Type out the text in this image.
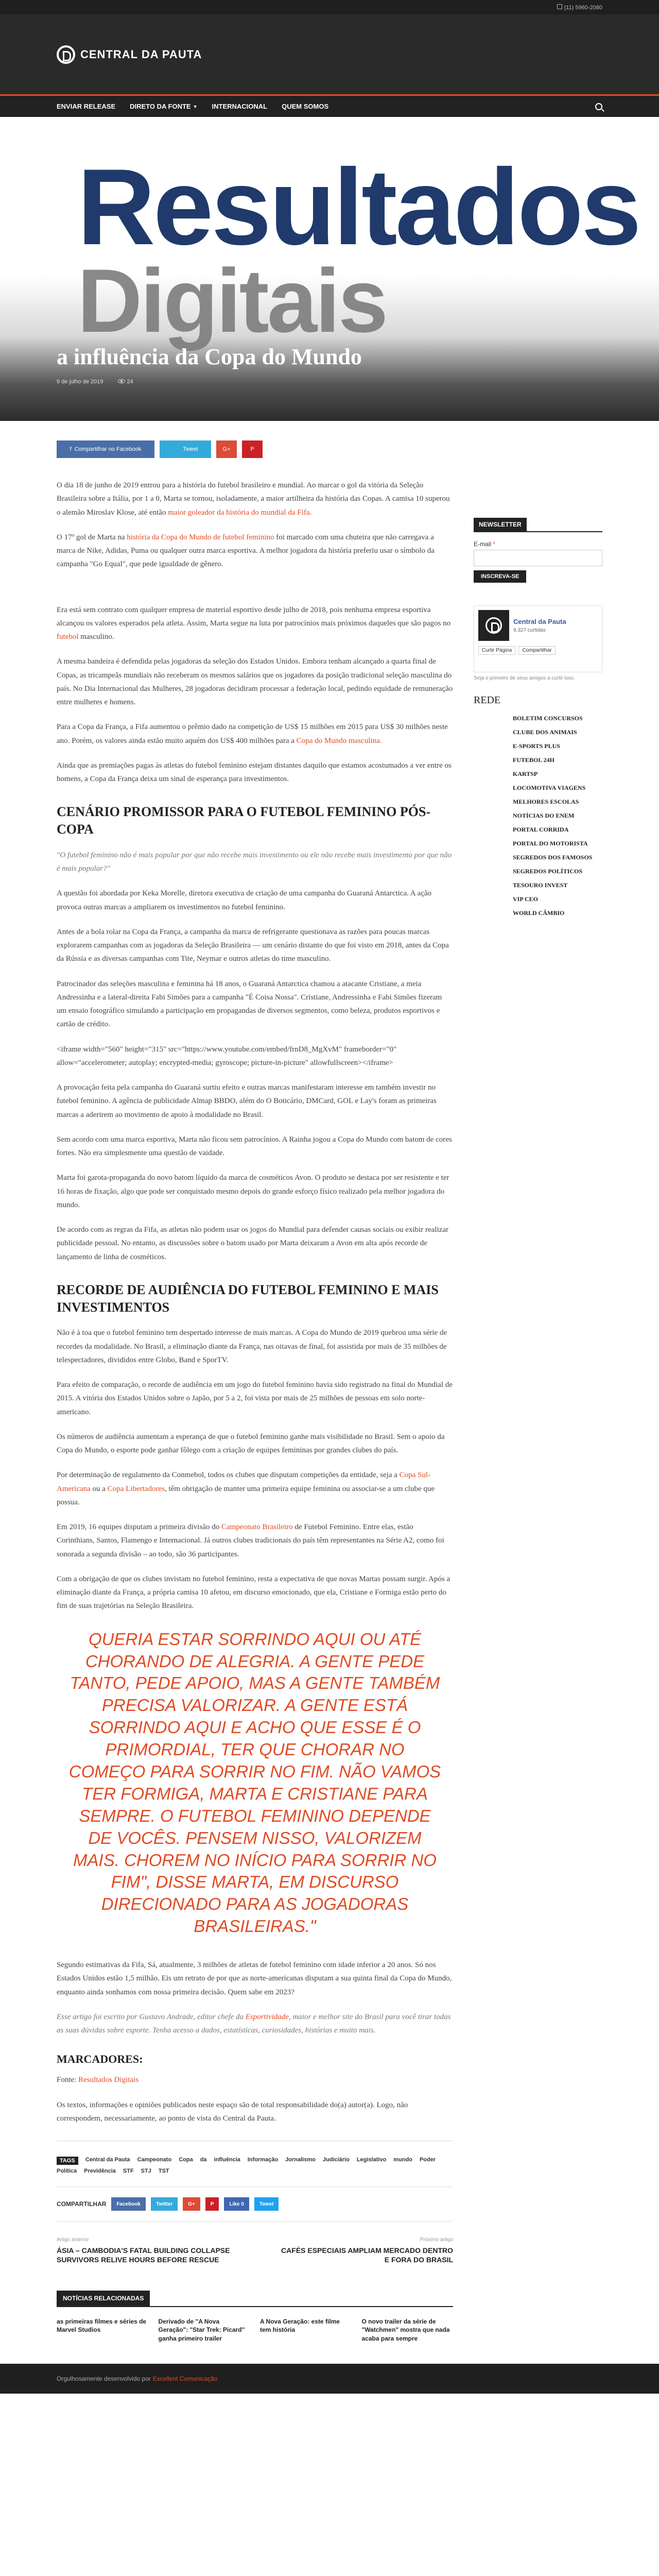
(11) 5960-2080
CENTRAL DA PAUTA
ENVIAR RELEASE DIRETO DA FONTE ▼ INTERNACIONAL QUEM SOMOS
Resultados
Digitais
a influência da Copa do Mundo
9 de julho de 2019	24
f Compartilhar no Facebook	🐦 Tweet	G+	P

O dia 18 de junho de 2019 entrou para a história do futebol brasileiro e mundial. Ao marcar o gol da vitória da Seleção Brasileira sobre a Itália, por 1 a 0, Marta se tornou, isoladamente, a maior artilheira da história das Copas. A camisa 10 superou o alemão Miroslav Klose, até então maior goleador da história do mundial da Fifa.

O 17º gol de Marta na história da Copa do Mundo de futebol feminino foi marcado com uma chuteira que não carregava a marca de Nike, Adidas, Puma ou qualquer outra marca esportiva. A melhor jogadora da história preferiu usar o símbolo da campanha "Go Equal", que pede igualdade de gênero.

Era está sem contrato com qualquer empresa de material esportivo desde julho de 2018, pois nenhuma empresa esportiva alcançou os valores esperados pela atleta. Assim, Marta segue na luta por patrocínios mais próximos daqueles que são pagos no futebol masculino.

A mesma bandeira é defendida pelas jogadoras da seleção dos Estados Unidos. Embora tenham alcançado a quarta final de Copas, as tricampeãs mundiais não receberam os mesmos salários que os jogadores da posição tradicional seleção masculina do país. No Dia Internacional das Mulheres, 28 jogadoras decidiram processar a federação local, pedindo equidade de remuneração entre mulheres e homens.

Para a Copa da França, a Fifa aumentou o prêmio dado na competição de US$ 15 milhões em 2015 para US$ 30 milhões neste ano. Porém, os valores ainda estão muito aquém dos US$ 400 milhões para a Copa do Mundo masculina.

Ainda que as premiações pagas às atletas do futebol feminino estejam distantes daquilo que estamos acostumados a ver entre os homens, a Copa da França deixa um sinal de esperança para investimentos.

CENÁRIO PROMISSOR PARA O FUTEBOL FEMININO PÓS-COPA

"O futebol feminino não é mais popular por que não recebe mais investimento ou ele não recebe mais investimento por que não é mais popular?"

A questão foi abordada por Keka Morelle, diretora executiva de criação de uma campanha do Guaraná Antarctica. A ação provoca outras marcas a ampliarem os investimentos no futebol feminino.

Antes de a bola rolar na Copa da França, a campanha da marca de refrigerante questionava as razões para poucas marcas explorarem campanhas com as jogadoras da Seleção Brasileira — um cenário distante do que foi visto em 2018, antes da Copa da Rússia e as diversas campanhas com Tite, Neymar e outros atletas do time masculino.

Patrocinador das seleções masculina e feminina há 18 anos, o Guaraná Antarctica chamou a atacante Cristiane, a meia Andressinha e a lateral-direita Fabi Simões para a campanha "É Coisa Nossa". Cristiane, Andressinha e Fabi Simões fizeram um ensaio fotográfico simulando a participação em propagandas de diversos segmentos, como beleza, produtos esportivos e cartão de crédito.

<iframe width="560" height="315" src="https://www.youtube.com/embed/frnD8_MgXvM" frameborder="0" allow="accelerometer; autoplay; encrypted-media; gyroscope; picture-in-picture" allowfullscreen></iframe>

A provocação feita pela campanha do Guaraná surtiu efeito e outras marcas manifestaram interesse em também investir no futebol feminino. A agência de publicidade Almap BBDO, além do O Boticário, DMCard, GOL e Lay's foram as primeiras marcas a aderirem ao movimento de apoio à modalidade no Brasil.

Sem acordo com uma marca esportiva, Marta não ficou sem patrocínios. A Rainha jogou a Copa do Mundo com batom de cores fortes. Não era simplesmente uma questão de vaidade.

Marta foi garota-propaganda do novo batom líquido da marca de cosméticos Avon. O produto se destaca por ser resistente e ter 16 horas de fixação, algo que pode ser conquistado mesmo depois do grande esforço físico realizado pela melhor jogadora do mundo.

De acordo com as regras da Fifa, as atletas não podem usar os jogos do Mundial para defender causas sociais ou exibir realizar publicidade pessoal. No entanto, as discussões sobre o batom usado por Marta deixaram a Avon em alta após recorde de lançamento de linha de cosméticos.

RECORDE DE AUDIÊNCIA DO FUTEBOL FEMININO E MAIS INVESTIMENTOS

Não é à toa que o futebol feminino tem despertado interesse de mais marcas. A Copa do Mundo de 2019 quebrou uma série de recordes da modalidade. No Brasil, a eliminação diante da França, nas oitavas de final, foi assistida por mais de 35 milhões de telespectadores, divididos entre Globo, Band e SporTV.

Para efeito de comparação, o recorde de audiência em um jogo do futebol feminino havia sido registrado na final do Mundial de 2015. A vitória dos Estados Unidos sobre o Japão, por 5 a 2, foi vista por mais de 25 milhões de pessoas em solo norte-americano.

Os números de audiência aumentam a esperança de que o futebol feminino ganhe mais visibilidade no Brasil. Sem o apoio da Copa do Mundo, o esporte pode ganhar fôlego com a criação de equipes femininas por grandes clubes do país.

Por determinação de regulamento da Conmebol, todos os clubes que disputam competições da entidade, seja a Copa Sul-Americana ou a Copa Libertadores, têm obrigação de manter uma primeira equipe feminina ou associar-se a um clube que possua.

Em 2019, 16 equipes disputam a primeira divisão do Campeonato Brasileiro de Futebol Feminino. Entre elas, estão Corinthians, Santos, Flamengo e Internacional. Já outros clubes tradicionais do país têm representantes na Série A2, como foi sonorada a segunda divisão – ao todo, são 36 participantes.

Com a obrigação de que os clubes invistam no futebol feminino, resta a expectativa de que novas Martas possam surgir. Após a eliminação diante da França, a própria camisa 10 afetou, em discurso emocionado, que ela, Cristiane e Formiga estão perto do fim de suas trajetórias na Seleção Brasileira.

QUERIA ESTAR SORRINDO AQUI OU ATÉ CHORANDO DE ALEGRIA. A GENTE PEDE TANTO, PEDE APOIO, MAS A GENTE TAMBÉM PRECISA VALORIZAR. A GENTE ESTÁ SORRINDO AQUI E ACHO QUE ESSE É O PRIMORDIAL, TER QUE CHORAR NO COMEÇO PARA SORRIR NO FIM. NÃO VAMOS TER FORMIGA, MARTA E CRISTIANE PARA SEMPRE. O FUTEBOL FEMININO DEPENDE DE VOCÊS. PENSEM NISSO, VALORIZEM MAIS. CHOREM NO INÍCIO PARA SORRIR NO FIM", DISSE MARTA, EM DISCURSO DIRECIONADO PARA AS JOGADORAS BRASILEIRAS."

Segundo estimativas da Fifa, Sá, atualmente, 3 milhões de atletas de futebol feminino com idade inferior a 20 anos. Só nos Estados Unidos estão 1,5 milhão. Eis um retrato de por que as norte-americanas disputam a sua quinta final da Copa do Mundo, enquanto ainda sonhamos com nossa primeira decisão. Quem sabe em 2023?

Esse artigo foi escrito por Gustavo Andrade, editor chefe da Esportividade, maior e melhor site do Brasil para você tirar todas as suas dúvidas sobre esporte. Tenha acesso a dados, estatísticas, curiosidades, histórias e muito mais.

MARCADORES:

Fonte: Resultados Digitais

Os textos, informações e opiniões publicados neste espaço são de total responsabilidade do(a) autor(a). Logo, não correspondem, necessariamente, ao ponto de vista do Central da Pauta.

TAGS	Central da Pauta Campeonato Copa da influência Informação Jornalismo Judiciário Legislativo mundo Poder
Política Previdência STF STJ TST
COMPARTILHAR	Facebook	Twitter	G+	P	Like 0	Tweet
Artigo anterior
ÁSIA – CAMBODIA'S FATAL BUILDING COLLAPSE SURVIVORS RELIVE HOURS BEFORE RESCUE
Próximo artigo
CAFÉS ESPECIAIS AMPLIAM MERCADO DENTRO E FORA DO BRASIL
NOTÍCIAS RELACIONADAS
as primeiras filmes e séries de Marvel Studios
Derivado de "A Nova Geração": "Star Trek: Picard" ganha primeiro trailer
A Nova Geração: este filme tem história
O novo trailer da série de "Watchmen" mostra que nada acaba para sempre
NEWSLETTER
E-mail *
INSCREVA-SE
Central da Pauta
9.327 curtidas
Curtir Página	Compartilhar
Seja o primeiro de seus amigos a curtir isso.
REDE
BOLETIM CONCURSOS
CLUBE DOS ANIMAIS
E-SPORTS PLUS
FUTEBOL 24H
KARTSP
LOCOMOTIVA VIAGENS
MELHORES ESCOLAS
NOTÍCIAS DO ENEM
PORTAL CORRIDA
PORTAL DO MOTORISTA
SEGREDOS DOS FAMOSOS
SEGREDOS POLÍTICOS
TESOURO INVEST
VIP CEO
WORLD CÂMBIO
Orgulhosamente desenvolvido por Excellent Comunicação
